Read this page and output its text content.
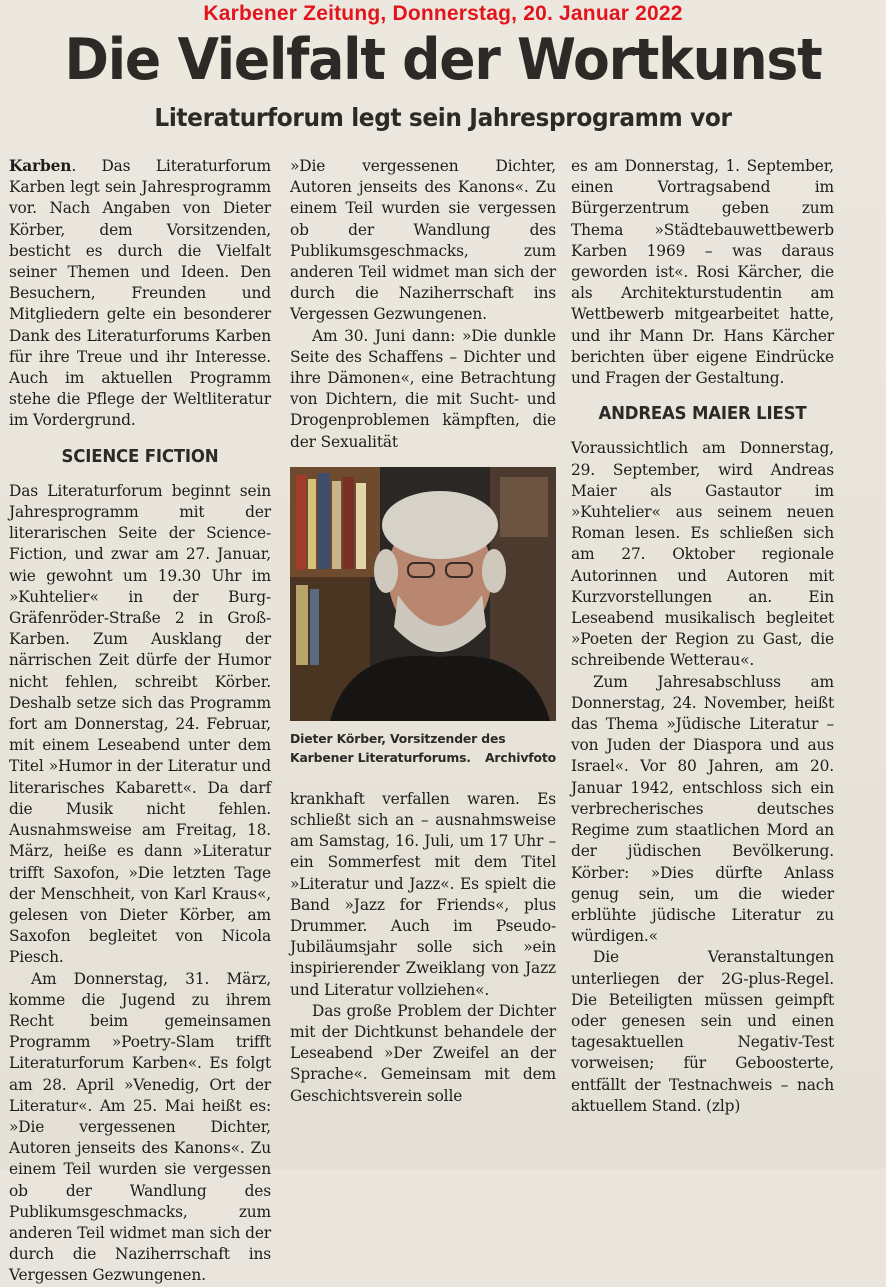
Karbener Zeitung, Donnerstag, 20. Januar 2022
Die Vielfalt der Wortkunst
Literaturforum legt sein Jahresprogramm vor

Karben. Das Literaturforum Karben legt sein Jahresprogramm vor. Nach Angaben von Dieter Körber, dem Vorsitzenden, besticht es durch die Vielfalt seiner Themen und Ideen. Den Besuchern, Freunden und Mitgliedern gelte ein besonderer Dank des Literaturforums Karben für ihre Treue und ihr Interesse. Auch im aktuellen Programm stehe die Pflege der Weltliteratur im Vordergrund.

SCIENCE FICTION

Das Literaturforum beginnt sein Jahresprogramm mit der literarischen Seite der Science-Fiction, und zwar am 27. Januar, wie gewohnt um 19.30 Uhr im »Kuhtelier« in der Burg-Gräfenröder-Straße 2 in Groß-Karben. Zum Ausklang der närrischen Zeit dürfe der Humor nicht fehlen, schreibt Körber. Deshalb setze sich das Programm fort am Donnerstag, 24. Februar, mit einem Leseabend unter dem Titel »Humor in der Literatur und literarisches Kabarett«. Da darf die Musik nicht fehlen. Ausnahmsweise am Freitag, 18. März, heiße es dann »Literatur trifft Saxofon, »Die letzten Tage der Menschheit, von Karl Kraus«, gelesen von Dieter Körber, am Saxofon begleitet von Nicola Piesch.

Am Donnerstag, 31. März, komme die Jugend zu ihrem Recht beim gemeinsamen Programm »Poetry-Slam trifft Literaturforum Karben«. Es folgt am 28. April »Venedig, Ort der Literatur«. Am 25. Mai heißt es: »Die vergessenen Dichter, Autoren jenseits des Kanons«. Zu einem Teil wurden sie vergessen ob der Wandlung des Publikumsgeschmacks, zum anderen Teil widmet man sich der durch die Naziherrschaft ins Vergessen Gezwungenen.

»Die vergessenen Dichter, Autoren jenseits des Kanons«. Zu einem Teil wurden sie vergessen ob der Wandlung des Publikumsgeschmacks, zum anderen Teil widmet man sich der durch die Naziherrschaft ins Vergessen Gezwungenen.

Am 30. Juni dann: »Die dunkle Seite des Schaffens – Dichter und ihre Dämonen«, eine Betrachtung von Dichtern, die mit Sucht- und Drogenproblemen kämpften, die der Sexualität

Dieter Körber, Vorsitzender des Karbener Literaturforums. Archivfoto

krankhaft verfallen waren. Es schließt sich an – ausnahmsweise am Samstag, 16. Juli, um 17 Uhr – ein Sommerfest mit dem Titel »Literatur und Jazz«. Es spielt die Band »Jazz for Friends«, plus Drummer. Auch im Pseudo-Jubiläumsjahr solle sich »ein inspirierender Zweiklang von Jazz und Literatur vollziehen«.

Das große Problem der Dichter mit der Dichtkunst behandele der Leseabend »Der Zweifel an der Sprache«. Gemeinsam mit dem Geschichtsverein solle

es am Donnerstag, 1. September, einen Vortragsabend im Bürgerzentrum geben zum Thema »Städtebauwettbewerb Karben 1969 – was daraus geworden ist«. Rosi Kärcher, die als Architekturstudentin am Wettbewerb mitgearbeitet hatte, und ihr Mann Dr. Hans Kärcher berichten über eigene Eindrücke und Fragen der Gestaltung.

ANDREAS MAIER LIEST

Voraussichtlich am Donnerstag, 29. September, wird Andreas Maier als Gastautor im »Kuhtelier« aus seinem neuen Roman lesen. Es schließen sich am 27. Oktober regionale Autorinnen und Autoren mit Kurzvorstellungen an. Ein Leseabend musikalisch begleitet »Poeten der Region zu Gast, die schreibende Wetterau«.

Zum Jahresabschluss am Donnerstag, 24. November, heißt das Thema »Jüdische Literatur – von Juden der Diaspora und aus Israel«. Vor 80 Jahren, am 20. Januar 1942, entschloss sich ein verbrecherisches deutsches Regime zum staatlichen Mord an der jüdischen Bevölkerung. Körber: »Dies dürfte Anlass genug sein, um die wieder erblühte jüdische Literatur zu würdigen.«

Die Veranstaltungen unterliegen der 2G-plus-Regel. Die Beteiligten müssen geimpft oder genesen sein und einen tagesaktuellen Negativ-Test vorweisen; für Geboosterte, entfällt der Testnachweis – nach aktuellem Stand. (zlp)
